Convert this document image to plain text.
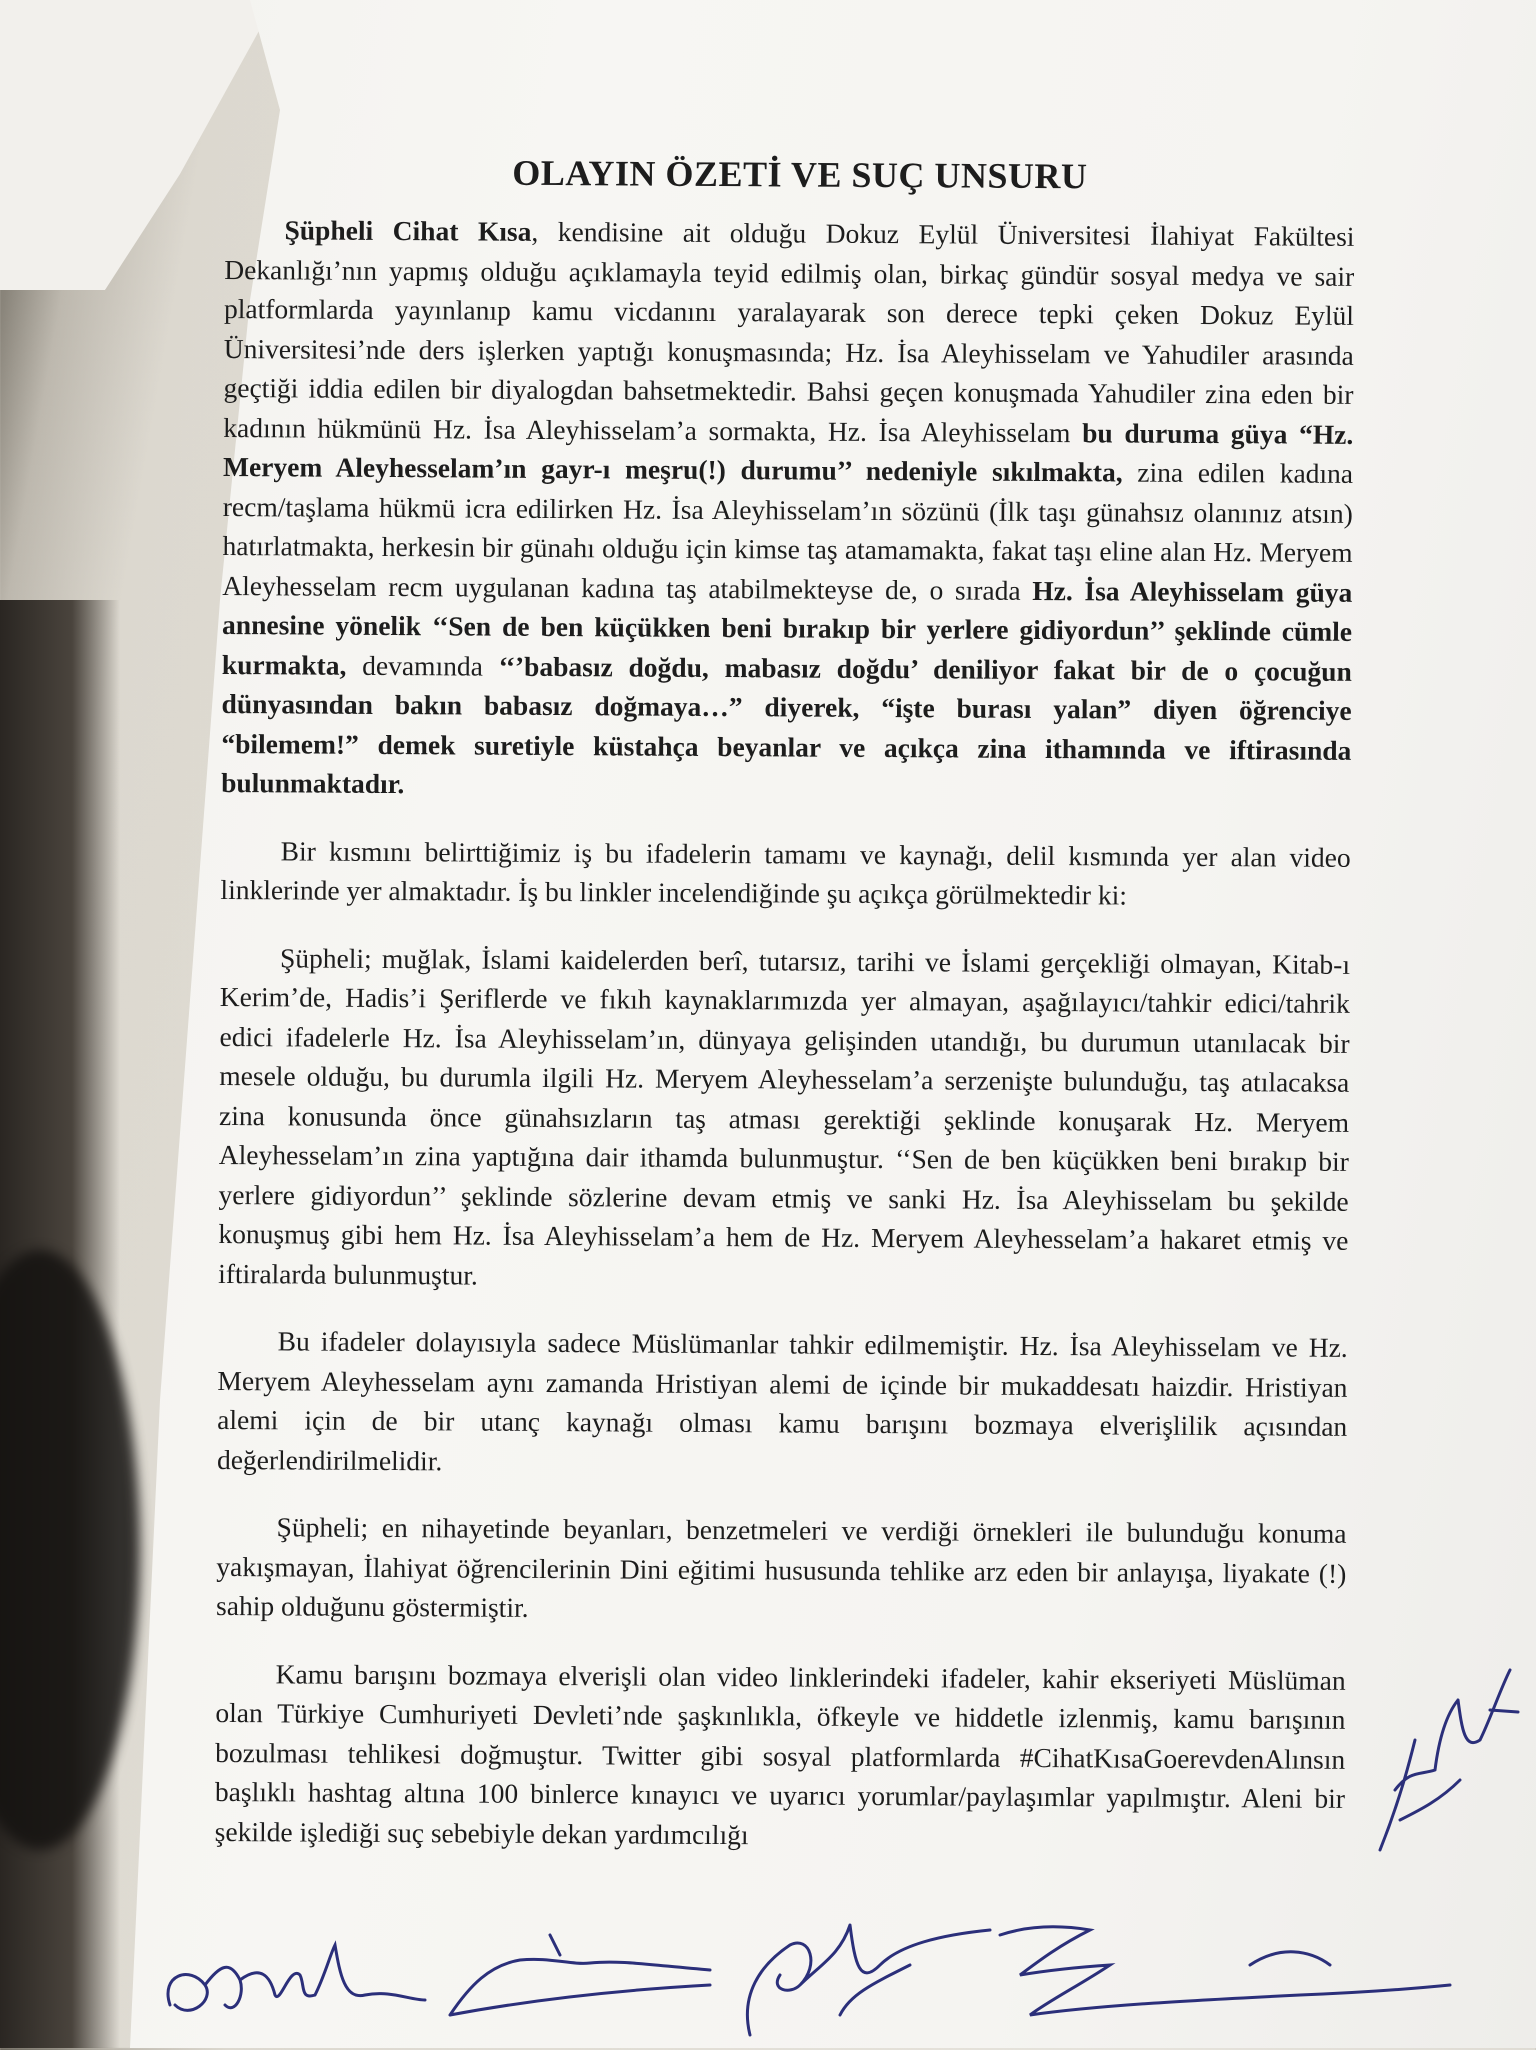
OLAYIN ÖZETİ VE SUÇ UNSURU

Şüpheli Cihat Kısa, kendisine ait olduğu Dokuz Eylül Üniversitesi İlahiyat Fakültesi Dekanlığı’nın yapmış olduğu açıklamayla teyid edilmiş olan, birkaç gündür sosyal medya ve sair platformlarda yayınlanıp kamu vicdanını yaralayarak son derece tepki çeken Dokuz Eylül Üniversitesi’nde ders işlerken yaptığı konuşmasında; Hz. İsa Aleyhisselam ve Yahudiler arasında geçtiği iddia edilen bir diyalogdan bahsetmektedir. Bahsi geçen konuşmada Yahudiler zina eden bir kadının hükmünü Hz. İsa Aleyhisselam’a sormakta, Hz. İsa Aleyhisselam bu duruma güya “Hz. Meryem Aleyhesselam’ın gayr-ı meşru(!) durumu’’ nedeniyle sıkılmakta, zina edilen kadına recm/taşlama hükmü icra edilirken Hz. İsa Aleyhisselam’ın sözünü (İlk taşı günahsız olanınız atsın) hatırlatmakta, herkesin bir günahı olduğu için kimse taş atamamakta, fakat taşı eline alan Hz. Meryem Aleyhesselam recm uygulanan kadına taş atabilmekteyse de, o sırada Hz. İsa Aleyhisselam güya annesine yönelik ‘‘Sen de ben küçükken beni bırakıp bir yerlere gidiyordun’’ şeklinde cümle kurmakta, devamında ‘‘’babasız doğdu, mabasız doğdu’ deniliyor fakat bir de o çocuğun dünyasından bakın babasız doğmaya…” diyerek, “işte burası yalan” diyen öğrenciye “bilemem!” demek suretiyle küstahça beyanlar ve açıkça zina ithamında ve iftirasında bulunmaktadır.

Bir kısmını belirttiğimiz iş bu ifadelerin tamamı ve kaynağı, delil kısmında yer alan video linklerinde yer almaktadır. İş bu linkler incelendiğinde şu açıkça görülmektedir ki:

Şüpheli; muğlak, İslami kaidelerden berî, tutarsız, tarihi ve İslami gerçekliği olmayan, Kitab-ı Kerim’de, Hadis’i Şeriflerde ve fıkıh kaynaklarımızda yer almayan, aşağılayıcı/tahkir edici/tahrik edici ifadelerle Hz. İsa Aleyhisselam’ın, dünyaya gelişinden utandığı, bu durumun utanılacak bir mesele olduğu, bu durumla ilgili Hz. Meryem Aleyhesselam’a serzenişte bulunduğu, taş atılacaksa zina konusunda önce günahsızların taş atması gerektiği şeklinde konuşarak Hz. Meryem Aleyhesselam’ın zina yaptığına dair ithamda bulunmuştur. ‘‘Sen de ben küçükken beni bırakıp bir yerlere gidiyordun’’ şeklinde sözlerine devam etmiş ve sanki Hz. İsa Aleyhisselam bu şekilde konuşmuş gibi hem Hz. İsa Aleyhisselam’a hem de Hz. Meryem Aleyhesselam’a hakaret etmiş ve iftiralarda bulunmuştur.

Bu ifadeler dolayısıyla sadece Müslümanlar tahkir edilmemiştir. Hz. İsa Aleyhisselam ve Hz. Meryem Aleyhesselam aynı zamanda Hristiyan alemi de içinde bir mukaddesatı haizdir. Hristiyan alemi için de bir utanç kaynağı olması kamu barışını bozmaya elverişlilik açısından değerlendirilmelidir.

Şüpheli; en nihayetinde beyanları, benzetmeleri ve verdiği örnekleri ile bulunduğu konuma yakışmayan, İlahiyat öğrencilerinin Dini eğitimi hususunda tehlike arz eden bir anlayışa, liyakate (!) sahip olduğunu göstermiştir.

Kamu barışını bozmaya elverişli olan video linklerindeki ifadeler, kahir ekseriyeti Müslüman olan Türkiye Cumhuriyeti Devleti’nde şaşkınlıkla, öfkeyle ve hiddetle izlenmiş, kamu barışının bozulması tehlikesi doğmuştur. Twitter gibi sosyal platformlarda #CihatKısaGoerevdenAlınsın başlıklı hashtag altına 100 binlerce kınayıcı ve uyarıcı yorumlar/paylaşımlar yapılmıştır. Aleni bir şekilde işlediği suç sebebiyle dekan yardımcılığı
